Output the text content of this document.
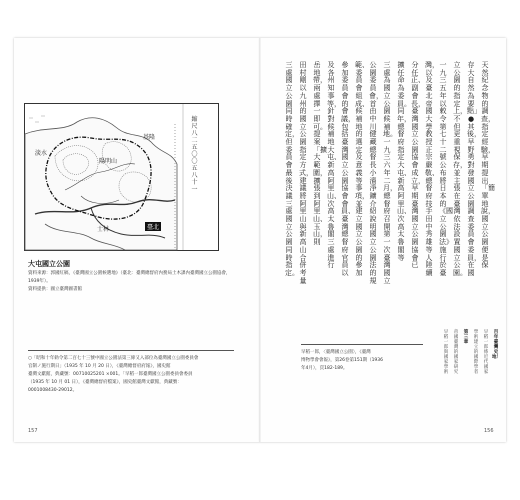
縮尺八二五〇〇五八十一
淡水
基隆
臺北
士林
陽明山
大屯國立公園
資料來源：郭國紅稿，《臺灣國立公園候選地》（臺北：臺灣總督府內務局土木課內臺灣國立公園協會，
1939年）。
資料提供：國立臺灣圖書館
天然紀念物的調查，指定經驗，早期提出「簡單地說，國立公園便是保
存大自然為要點」●其後，早野勇對發國立公園調查委員會委員，在國
立公園的指定上，不但更重視保存，並主張在臺灣依法設置國立公園。
一九三五年以敕令第七十二號公布將日本的《國立公園法》施行於臺
灣，以及臺北帝國大學教授正宗嚴敬、總督府技手田中秀雄等人陸續
分任正、副會長，臺灣國立公園協會成立，早期臺灣國立公園協會已
擴任命為委員。同年，總督府指定大屯、新高阿里山、次高太魯閣等
三處為國立公園候補地。一九三六年二月，總督府召開第一次臺灣國立
公園委員會，首由中川健藏總督長小濱淨鑛介紹說明國立公園法的規
範、委員會組成、候補地的選定及意義等事項，並建立國立公園的參加
參加委員會的會議，包括臺灣國立公園協會會員、臺灣總督府官員以
及各州知事等，針對候補地大屯、新高阿里山、次高太魯閣三處進行
岳地帶，兩處擇一即可。提案「擴大範圍，擴張到阿里山、玉山，則
田村剛以九州的國立公園指定方式，建議將阿里山與新高山合併考量
三處國立公園同時確定，但委員會最後決議三處國立公園同時指定。
百年臺灣史地！
早稻一郎係近代國家
學術建立的國際學者
第三章
帝國臺灣的國家研究
早稻一郎與國家學術
○「昭和十年勅令第二百七十三號中國立公園法第三條又入部位為臺灣國立公園委員會
官制ノ施行期日」（1935 年 10 月 20 日），《臺灣總督府府報》，國史館
臺灣文獻館，典藏號：00710025201 ×001。「早稻一郎臺灣國立公園委員會委員
（1935 年 10 月 01 日），《臺灣總督府檔案》，國史館臺灣文獻館，典藏號：
0001008430-29012。
早稻一郎，〈臺灣國立公園〉，《臺灣
博物學會會報》，第26卷第151期（1936
年4月），頁182-189。
157	156
